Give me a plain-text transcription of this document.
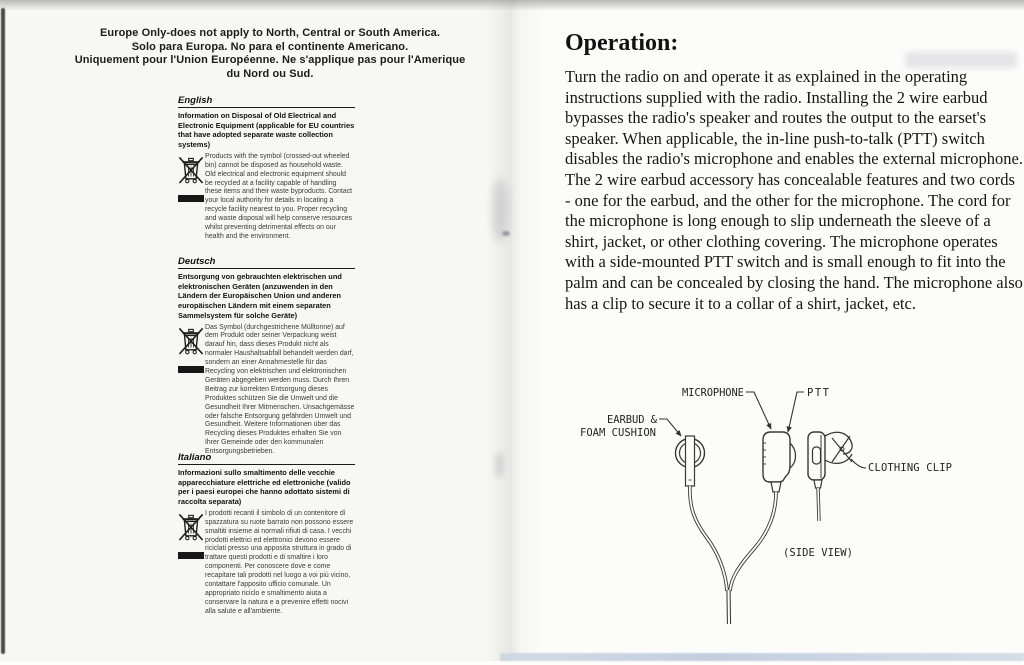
Europe Only-does not apply to North, Central or South America.
Solo para Europa. No para el continente Americano.
Uniquement pour l'Union Européenne. Ne s'applique pas pour l'Amerique
du Nord ou Sud.
English
Information on Disposal of Old Electrical and Electronic Equipment (applicable for EU countries that have adopted separate waste collection systems)

Products with the symbol (crossed-out wheeled bin) cannot be disposed as household waste.

Old electrical and electronic equipment should be recycled at a facility capable of handling these items and their waste byproducts. Contact your local authority for details in locating a recycle facility nearest to you. Proper recycling and waste disposal will help conserve resources whilst preventing detrimental effects on our health and the environment.

Deutsch
Entsorgung von gebrauchten elektrischen und elektronischen Geräten (anzuwenden in den Ländern der Europäischen Union und anderen europäischen Ländern mit einem separaten Sammelsystem für solche Geräte)

Das Symbol (durchgestrichene Mülltonne) auf dem Produkt oder seiner Verpackung weist darauf hin, dass dieses Produkt nicht als normaler Haushaltsabfall behandelt werden darf, sondern an einer Annahmestelle für das Recycling von elektrischen und elektronischen Geräten abgegeben werden muss. Durch Ihren Beitrag zur korrekten Entsorgung dieses Produktes schützen Sie die Umwelt und die Gesundheit Ihrer Mitmenschen. Unsachgemässe oder falsche Entsorgung gefährden Umwelt und Gesundheit. Weitere Informationen über das Recycling dieses Produktes erhalten Sie von Ihrer Gemeinde oder den kommunalen Entsorgungsbetrieben.

Italiano
Informazioni sullo smaltimento delle vecchie apparecchiature elettriche ed elettroniche (valido per i paesi europei che hanno adottato sistemi di raccolta separata)

I prodotti recanti il simbolo di un contenitore di spazzatura su ruote barrato non possono essere smaltiti insieme ai normali rifiuti di casa. I vecchi prodotti elettrici ed elettronici devono essere riciclati presso una apposita struttura in grado di trattare questi prodotti e di smaltire i loro componenti. Per conoscere dove e come recapitare tali prodotti nel luogo a voi più vicino, contattare l'apposito ufficio comunale. Un appropriato riciclo e smaltimento aiuta a conservare la natura e a prevenire effetti nocivi alla salute e all'ambiente.

Operation:

Turn the radio on and operate it as explained in the operating instructions supplied with the radio. Installing the 2 wire earbud bypasses the radio's speaker and routes the output to the earset's speaker. When applicable, the in-line push-to-talk (PTT) switch disables the radio's microphone and enables the external microphone.

The 2 wire earbud accessory has concealable features and two cords - one for the earbud, and the other for the microphone. The cord for the microphone is long enough to slip underneath the sleeve of a shirt, jacket, or other clothing covering. The microphone operates with a side-mounted PTT switch and is small enough to fit into the palm and can be concealed by closing the hand. The microphone also has a clip to secure it to a collar of a shirt, jacket, etc.

MICROPHONE	PTT
EARBUD &
FOAM CUSHION
CLOTHING CLIP
(SIDE VIEW)
